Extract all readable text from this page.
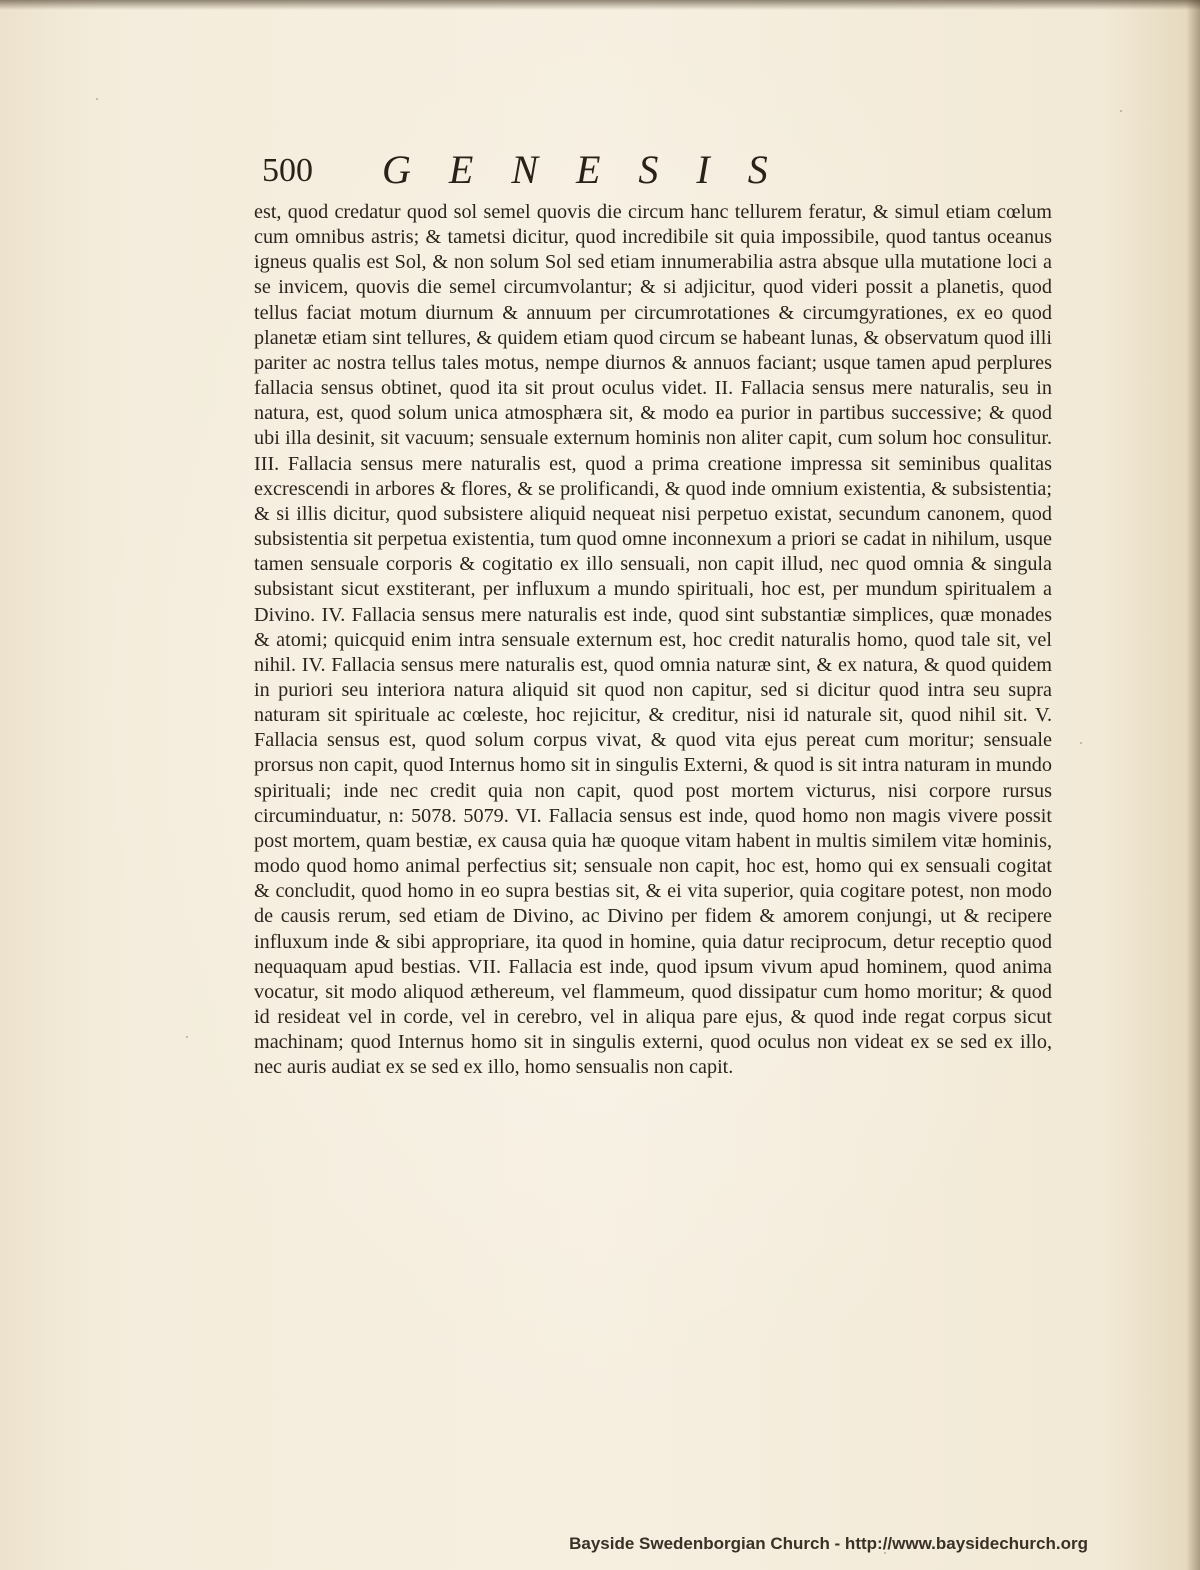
500 GENESIS

est, quod credatur quod sol semel quovis die circum hanc tellurem feratur, & simul etiam cœlum cum omnibus astris; & tametsi dicitur, quod incredibile sit quia impossibile, quod tantus oceanus igneus qualis est Sol, & non solum Sol sed etiam innumerabilia astra absque ulla mutatione loci a se invicem, quovis die semel circumvolantur; & si adjicitur, quod videri possit a planetis, quod tellus faciat motum diurnum & annuum per circumrotationes & circumgyrationes, ex eo quod planetæ etiam sint tellures, & quidem etiam quod circum se habeant lunas, & observatum quod illi pariter ac nostra tellus tales motus, nempe diurnos & annuos faciant; usque tamen apud perplures fallacia sensus obtinet, quod ita sit prout oculus videt. II. Fallacia sensus mere naturalis, seu in natura, est, quod solum unica atmosphæra sit, & modo ea purior in partibus successive; & quod ubi illa desinit, sit vacuum; sensuale externum hominis non aliter capit, cum solum hoc consulitur. III. Fallacia sensus mere naturalis est, quod a prima creatione impressa sit seminibus qualitas excrescendi in arbores & flores, & se prolificandi, & quod inde omnium existentia, & subsistentia; & si illis dicitur, quod subsistere aliquid nequeat nisi perpetuo existat, secundum canonem, quod subsistentia sit perpetua existentia, tum quod omne inconnexum a priori se cadat in nihilum, usque tamen sensuale corporis & cogitatio ex illo sensuali, non capit illud, nec quod omnia & singula subsistant sicut exstiterant, per influxum a mundo spirituali, hoc est, per mundum spiritualem a Divino. IV. Fallacia sensus mere naturalis est inde, quod sint substantiæ simplices, quæ monades & atomi; quicquid enim intra sensuale externum est, hoc credit naturalis homo, quod tale sit, vel nihil. IV. Fallacia sensus mere naturalis est, quod omnia naturæ sint, & ex natura, & quod quidem in puriori seu interiora natura aliquid sit quod non capitur, sed si dicitur quod intra seu supra naturam sit spirituale ac cœleste, hoc rejicitur, & creditur, nisi id naturale sit, quod nihil sit. V. Fallacia sensus est, quod solum corpus vivat, & quod vita ejus pereat cum moritur; sensuale prorsus non capit, quod Internus homo sit in singulis Externi, & quod is sit intra naturam in mundo spirituali; inde nec credit quia non capit, quod post mortem victurus, nisi corpore rursus circuminduatur, n: 5078. 5079. VI. Fallacia sensus est inde, quod homo non magis vivere possit post mortem, quam bestiæ, ex causa quia hæ quoque vitam habent in multis similem vitæ hominis, modo quod homo animal perfectius sit; sensuale non capit, hoc est, homo qui ex sensuali cogitat & concludit, quod homo in eo supra bestias sit, & ei vita superior, quia cogitare potest, non modo de causis rerum, sed etiam de Divino, ac Divino per fidem & amorem conjungi, ut & recipere influxum inde & sibi appropriare, ita quod in homine, quia datur reciprocum, detur receptio quod nequaquam apud bestias. VII. Fallacia est inde, quod ipsum vivum apud hominem, quod anima vocatur, sit modo aliquod æthereum, vel flammeum, quod dissipatur cum homo moritur; & quod id resideat vel in corde, vel in cerebro, vel in aliqua pare ejus, & quod inde regat corpus sicut machinam; quod Internus homo sit in singulis externi, quod oculus non videat ex se sed ex illo, nec auris audiat ex se sed ex illo, homo sensualis non capit.

Bayside Swedenborgian Church - http://www.baysidechurch.org
